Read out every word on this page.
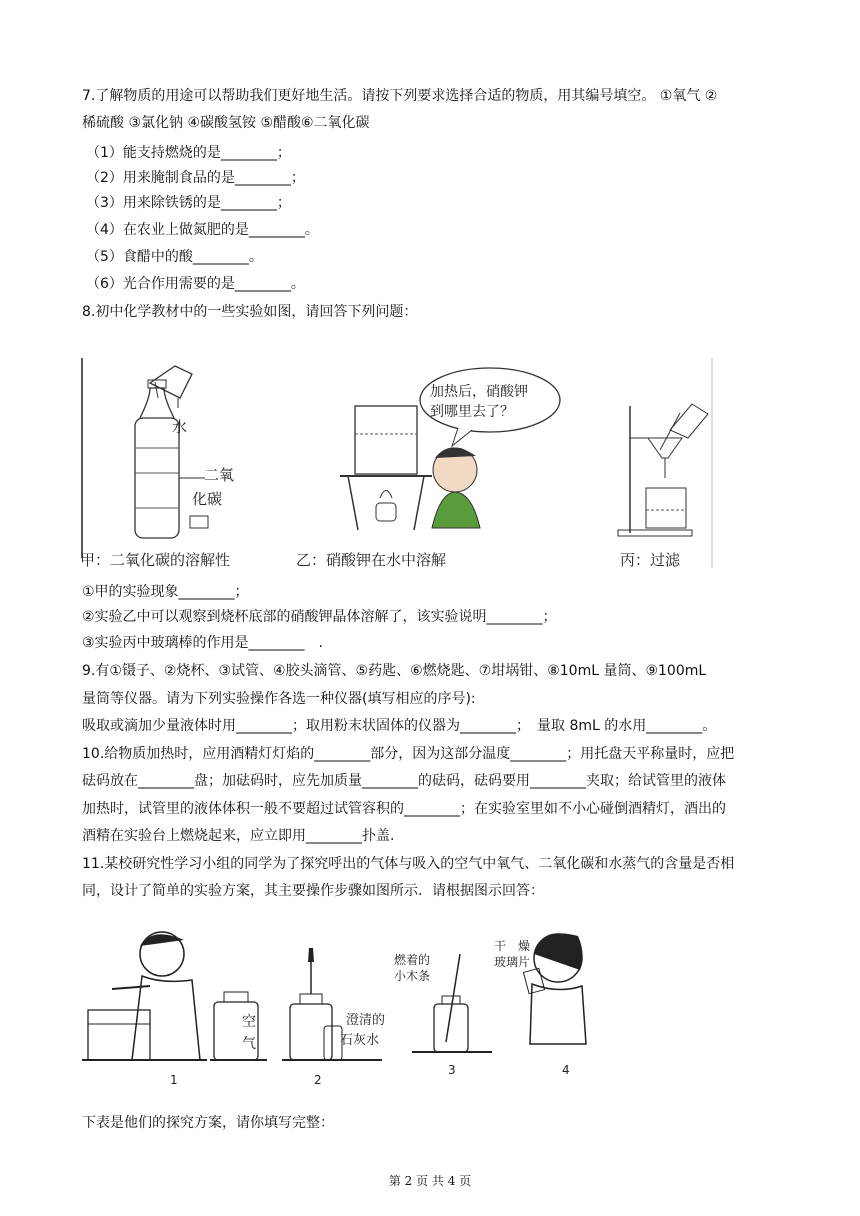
7.了解物质的用途可以帮助我们更好地生活。请按下列要求选择合适的物质，用其编号填空。 ①氧气 ②
稀硫酸 ③氯化钠 ④碳酸氢铵 ⑤醋酸⑥二氧化碳
（1）能支持燃烧的是________；
（2）用来腌制食品的是________；
（3）用来除铁锈的是________；
（4）在农业上做氮肥的是________。
（5）食醋中的酸________。
（6）光合作用需要的是________。
8.初中化学教材中的一些实验如图，请回答下列问题：
水
二氧
化碳
甲：二氧化碳的溶解性
加热后，硝酸钾
到哪里去了？
乙：硝酸钾在水中溶解	丙：过滤
①甲的实验现象________；
②实验乙中可以观察到烧杯底部的硝酸钾晶体溶解了，该实验说明________；
③实验丙中玻璃棒的作用是________　.
9.有①镊子、②烧杯、③试管、④胶头滴管、⑤药匙、⑥燃烧匙、⑦坩埚钳、⑧10mL 量筒、⑨100mL
量筒等仪器。请为下列实验操作各选一种仪器(填写相应的序号):
吸取或滴加少量液体时用________；取用粉末状固体的仪器为________；　量取 8mL 的水用________。
10.给物质加热时，应用酒精灯灯焰的________部分，因为这部分温度________；用托盘天平称量时，应把
砝码放在________盘；加砝码时，应先加质量________的砝码，砝码要用________夹取；给试管里的液体
加热时，试管里的液体体积一般不要超过试管容积的________；在实验室里如不小心碰倒酒精灯，酒出的
酒精在实验台上燃烧起来，应立即用________扑盖.
11.某校研究性学习小组的同学为了探究呼出的气体与吸入的空气中氧气、二氧化碳和水蒸气的含量是否相
同，设计了简单的实验方案，其主要操作步骤如图所示．请根据图示回答：
空
气
1
澄清的
石灰水
2
燃着的
小木条
3
干　燥
玻璃片
4
下表是他们的探究方案，请你填写完整：
第 2 页 共 4 页
